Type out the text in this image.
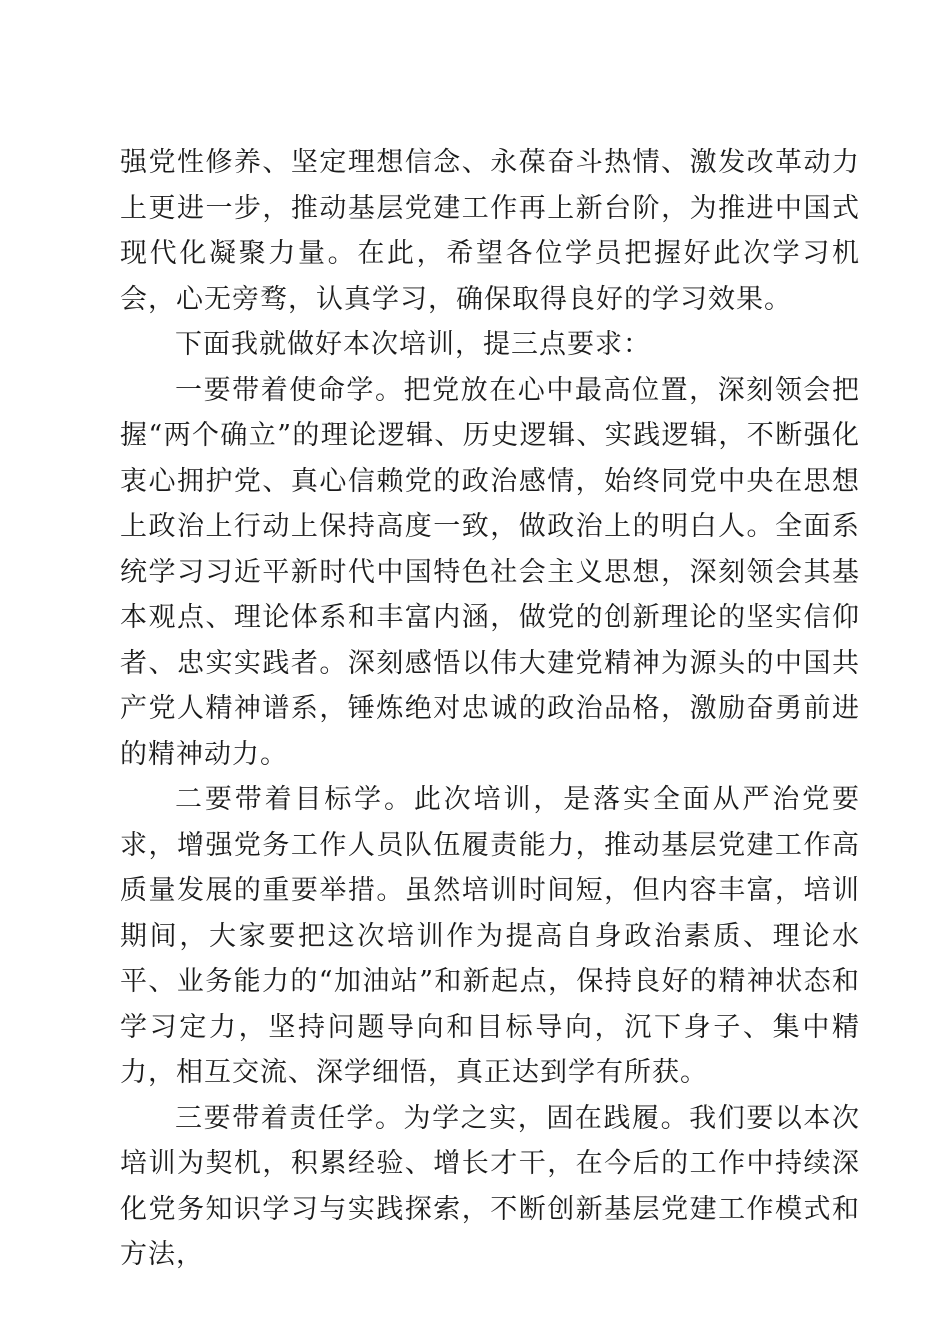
强党性修养、坚定理想信念、永葆奋斗热情、激发改革动力上更进一步，推动基层党建工作再上新台阶，为推进中国式现代化凝聚力量。在此，希望各位学员把握好此次学习机会，心无旁骛，认真学习，确保取得良好的学习效果。

下面我就做好本次培训，提三点要求：

一要带着使命学。把党放在心中最高位置，深刻领会把握“两个确立”的理论逻辑、历史逻辑、实践逻辑，不断强化衷心拥护党、真心信赖党的政治感情，始终同党中央在思想上政治上行动上保持高度一致，做政治上的明白人。全面系统学习习近平新时代中国特色社会主义思想，深刻领会其基本观点、理论体系和丰富内涵，做党的创新理论的坚实信仰者、忠实实践者。深刻感悟以伟大建党精神为源头的中国共产党人精神谱系，锤炼绝对忠诚的政治品格，激励奋勇前进的精神动力。

二要带着目标学。此次培训，是落实全面从严治党要求，增强党务工作人员队伍履责能力，推动基层党建工作高质量发展的重要举措。虽然培训时间短，但内容丰富，培训期间，大家要把这次培训作为提高自身政治素质、理论水平、业务能力的“加油站”和新起点，保持良好的精神状态和学习定力，坚持问题导向和目标导向，沉下身子、集中精力，相互交流、深学细悟，真正达到学有所获。

三要带着责任学。为学之实，固在践履。我们要以本次培训为契机，积累经验、增长才干，在今后的工作中持续深化党务知识学习与实践探索，不断创新基层党建工作模式和方法，
